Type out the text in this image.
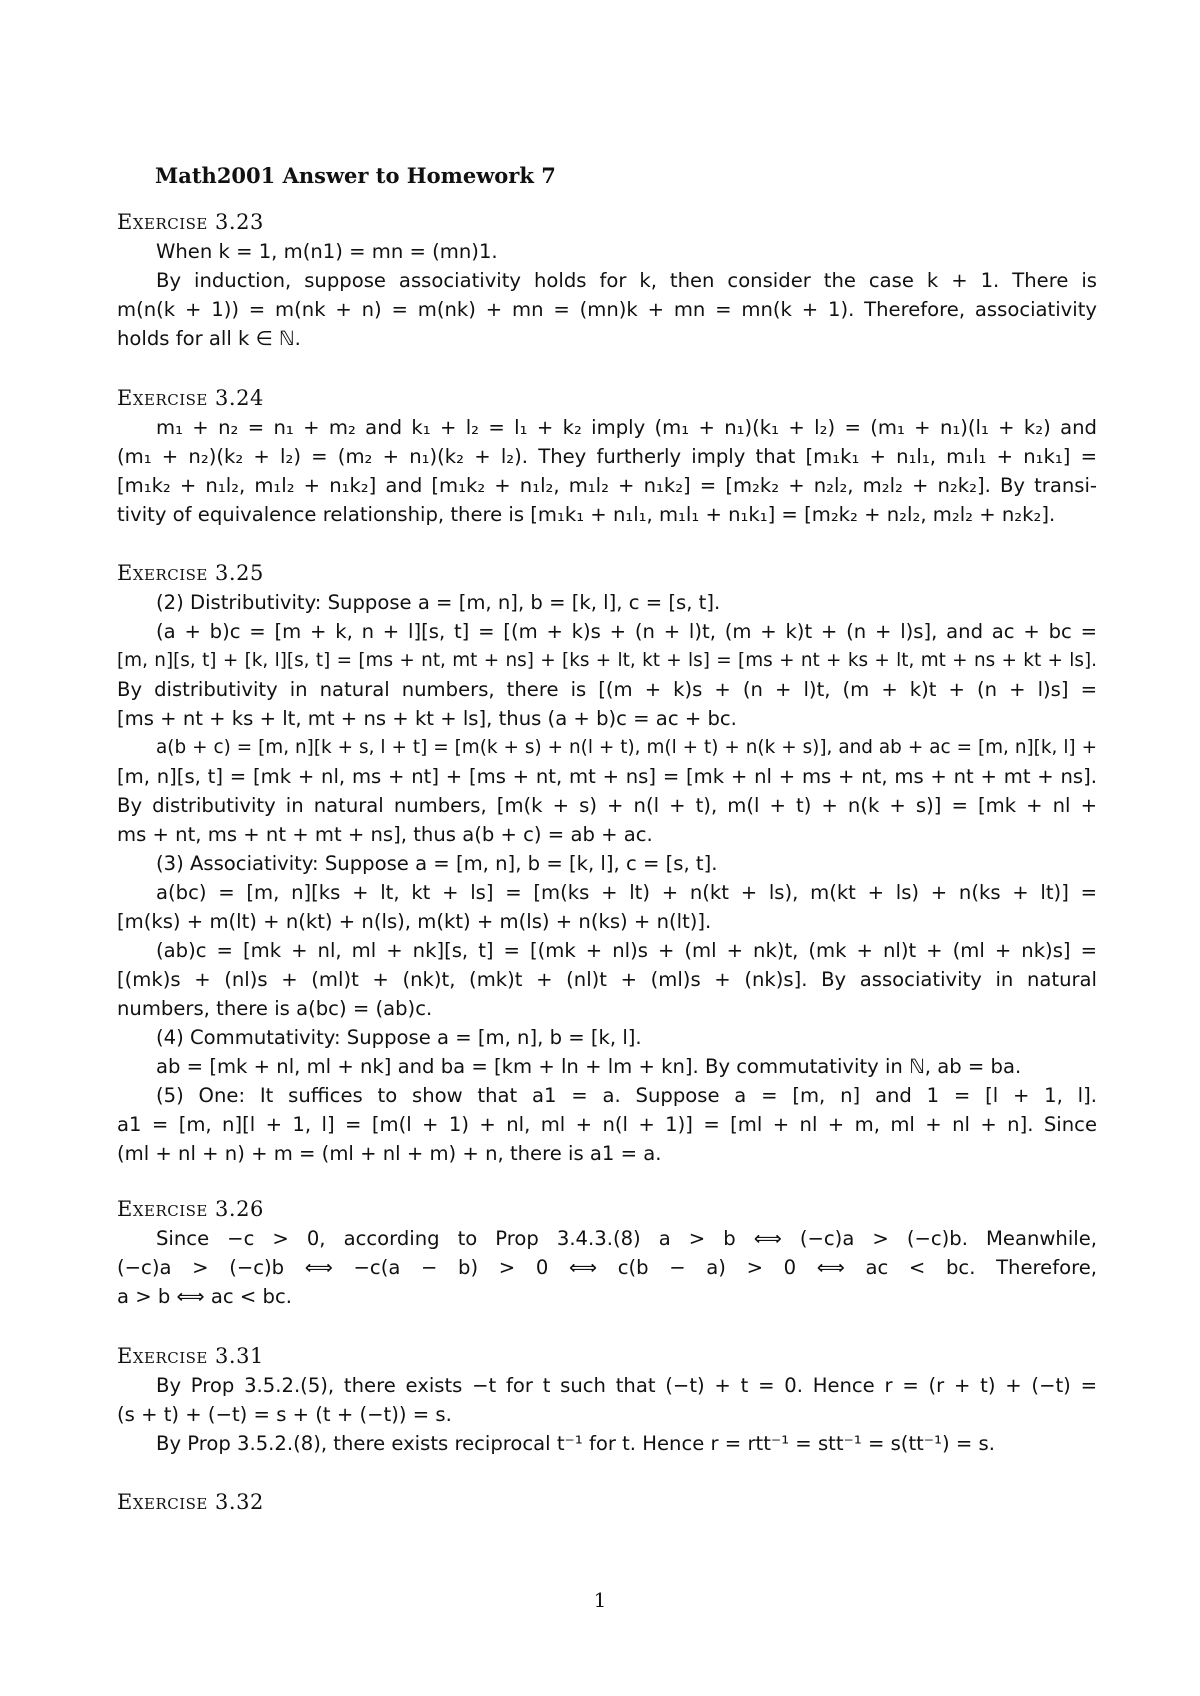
Math2001 Answer to Homework 7
Exercise 3.23
When k = 1, m(n1) = mn = (mn)1.
By induction, suppose associativity holds for k, then consider the case k + 1. There is
m(n(k + 1)) = m(nk + n) = m(nk) + mn = (mn)k + mn = mn(k + 1). Therefore, associativity
holds for all k ∈ ℕ.
Exercise 3.24
m₁ + n₂ = n₁ + m₂ and k₁ + l₂ = l₁ + k₂ imply (m₁ + n₁)(k₁ + l₂) = (m₁ + n₁)(l₁ + k₂) and
(m₁ + n₂)(k₂ + l₂) = (m₂ + n₁)(k₂ + l₂). They furtherly imply that [m₁k₁ + n₁l₁, m₁l₁ + n₁k₁] =
[m₁k₂ + n₁l₂, m₁l₂ + n₁k₂] and [m₁k₂ + n₁l₂, m₁l₂ + n₁k₂] = [m₂k₂ + n₂l₂, m₂l₂ + n₂k₂]. By transi-
tivity of equivalence relationship, there is [m₁k₁ + n₁l₁, m₁l₁ + n₁k₁] = [m₂k₂ + n₂l₂, m₂l₂ + n₂k₂].
Exercise 3.25
(2) Distributivity: Suppose a = [m, n], b = [k, l], c = [s, t].
(a + b)c = [m + k, n + l][s, t] = [(m + k)s + (n + l)t, (m + k)t + (n + l)s], and ac + bc =
[m, n][s, t] + [k, l][s, t] = [ms + nt, mt + ns] + [ks + lt, kt + ls] = [ms + nt + ks + lt, mt + ns + kt + ls].
By distributivity in natural numbers, there is [(m + k)s + (n + l)t, (m + k)t + (n + l)s] =
[ms + nt + ks + lt, mt + ns + kt + ls], thus (a + b)c = ac + bc.
a(b + c) = [m, n][k + s, l + t] = [m(k + s) + n(l + t), m(l + t) + n(k + s)], and ab + ac = [m, n][k, l] +
[m, n][s, t] = [mk + nl, ms + nt] + [ms + nt, mt + ns] = [mk + nl + ms + nt, ms + nt + mt + ns].
By distributivity in natural numbers, [m(k + s) + n(l + t), m(l + t) + n(k + s)] = [mk + nl +
ms + nt, ms + nt + mt + ns], thus a(b + c) = ab + ac.
(3) Associativity: Suppose a = [m, n], b = [k, l], c = [s, t].
a(bc) = [m, n][ks + lt, kt + ls] = [m(ks + lt) + n(kt + ls), m(kt + ls) + n(ks + lt)] =
[m(ks) + m(lt) + n(kt) + n(ls), m(kt) + m(ls) + n(ks) + n(lt)].
(ab)c = [mk + nl, ml + nk][s, t] = [(mk + nl)s + (ml + nk)t, (mk + nl)t + (ml + nk)s] =
[(mk)s + (nl)s + (ml)t + (nk)t, (mk)t + (nl)t + (ml)s + (nk)s]. By associativity in natural
numbers, there is a(bc) = (ab)c.
(4) Commutativity: Suppose a = [m, n], b = [k, l].
ab = [mk + nl, ml + nk] and ba = [km + ln + lm + kn]. By commutativity in ℕ, ab = ba.
(5) One: It suffices to show that a1 = a. Suppose a = [m, n] and 1 = [l + 1, l].
a1 = [m, n][l + 1, l] = [m(l + 1) + nl, ml + n(l + 1)] = [ml + nl + m, ml + nl + n]. Since
(ml + nl + n) + m = (ml + nl + m) + n, there is a1 = a.
Exercise 3.26
Since −c > 0, according to Prop 3.4.3.(8) a > b ⟺ (−c)a > (−c)b. Meanwhile,
(−c)a > (−c)b ⟺ −c(a − b) > 0 ⟺ c(b − a) > 0 ⟺ ac < bc. Therefore,
a > b ⟺ ac < bc.
Exercise 3.31
By Prop 3.5.2.(5), there exists −t for t such that (−t) + t = 0. Hence r = (r + t) + (−t) =
(s + t) + (−t) = s + (t + (−t)) = s.
By Prop 3.5.2.(8), there exists reciprocal t⁻¹ for t. Hence r = rtt⁻¹ = stt⁻¹ = s(tt⁻¹) = s.
Exercise 3.32
1
